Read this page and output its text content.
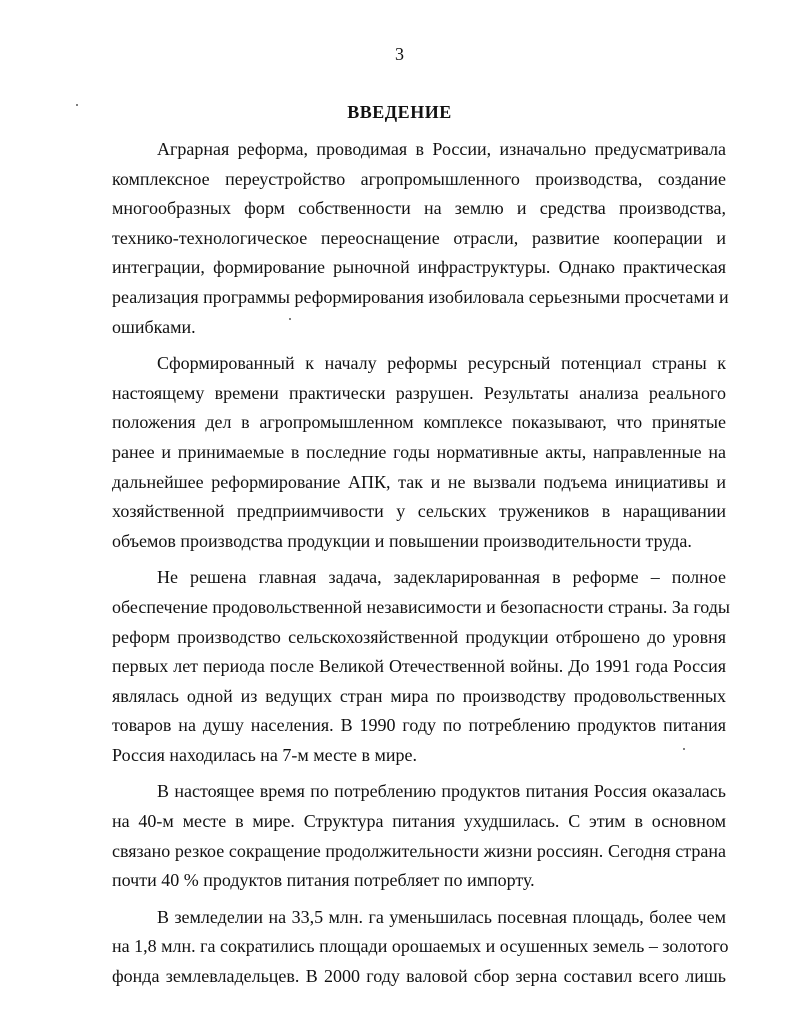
3
ВВЕДЕНИЕ

Аграрная реформа, проводимая в России, изначально предусматривала
комплексное переустройство агропромышленного производства, создание
многообразных форм собственности на землю и средства производства,
технико-технологическое переоснащение отрасли, развитие кооперации и
интеграции, формирование рыночной инфраструктуры. Однако практическая
реализация программы реформирования изобиловала серьезными просчетами и
ошибками.

Сформированный к началу реформы ресурсный потенциал страны к
настоящему времени практически разрушен. Результаты анализа реального
положения дел в агропромышленном комплексе показывают, что принятые
ранее и принимаемые в последние годы нормативные акты, направленные на
дальнейшее реформирование АПК, так и не вызвали подъема инициативы и
хозяйственной предприимчивости у сельских тружеников в наращивании
объемов производства продукции и повышении производительности труда.

Не решена главная задача, задекларированная в реформе – полное
обеспечение продовольственной независимости и безопасности страны. За годы
реформ производство сельскохозяйственной продукции отброшено до уровня
первых лет периода после Великой Отечественной войны. До 1991 года Россия
являлась одной из ведущих стран мира по производству продовольственных
товаров на душу населения. В 1990 году по потреблению продуктов питания
Россия находилась на 7-м месте в мире.

В настоящее время по потреблению продуктов питания Россия оказалась
на 40-м месте в мире. Структура питания ухудшилась. С этим в основном
связано резкое сокращение продолжительности жизни россиян. Сегодня страна
почти 40 % продуктов питания потребляет по импорту.

В земледелии на 33,5 млн. га уменьшилась посевная площадь, более чем
на 1,8 млн. га сократились площади орошаемых и осушенных земель – золотого
фонда землевладельцев. В 2000 году валовой сбор зерна составил всего лишь
